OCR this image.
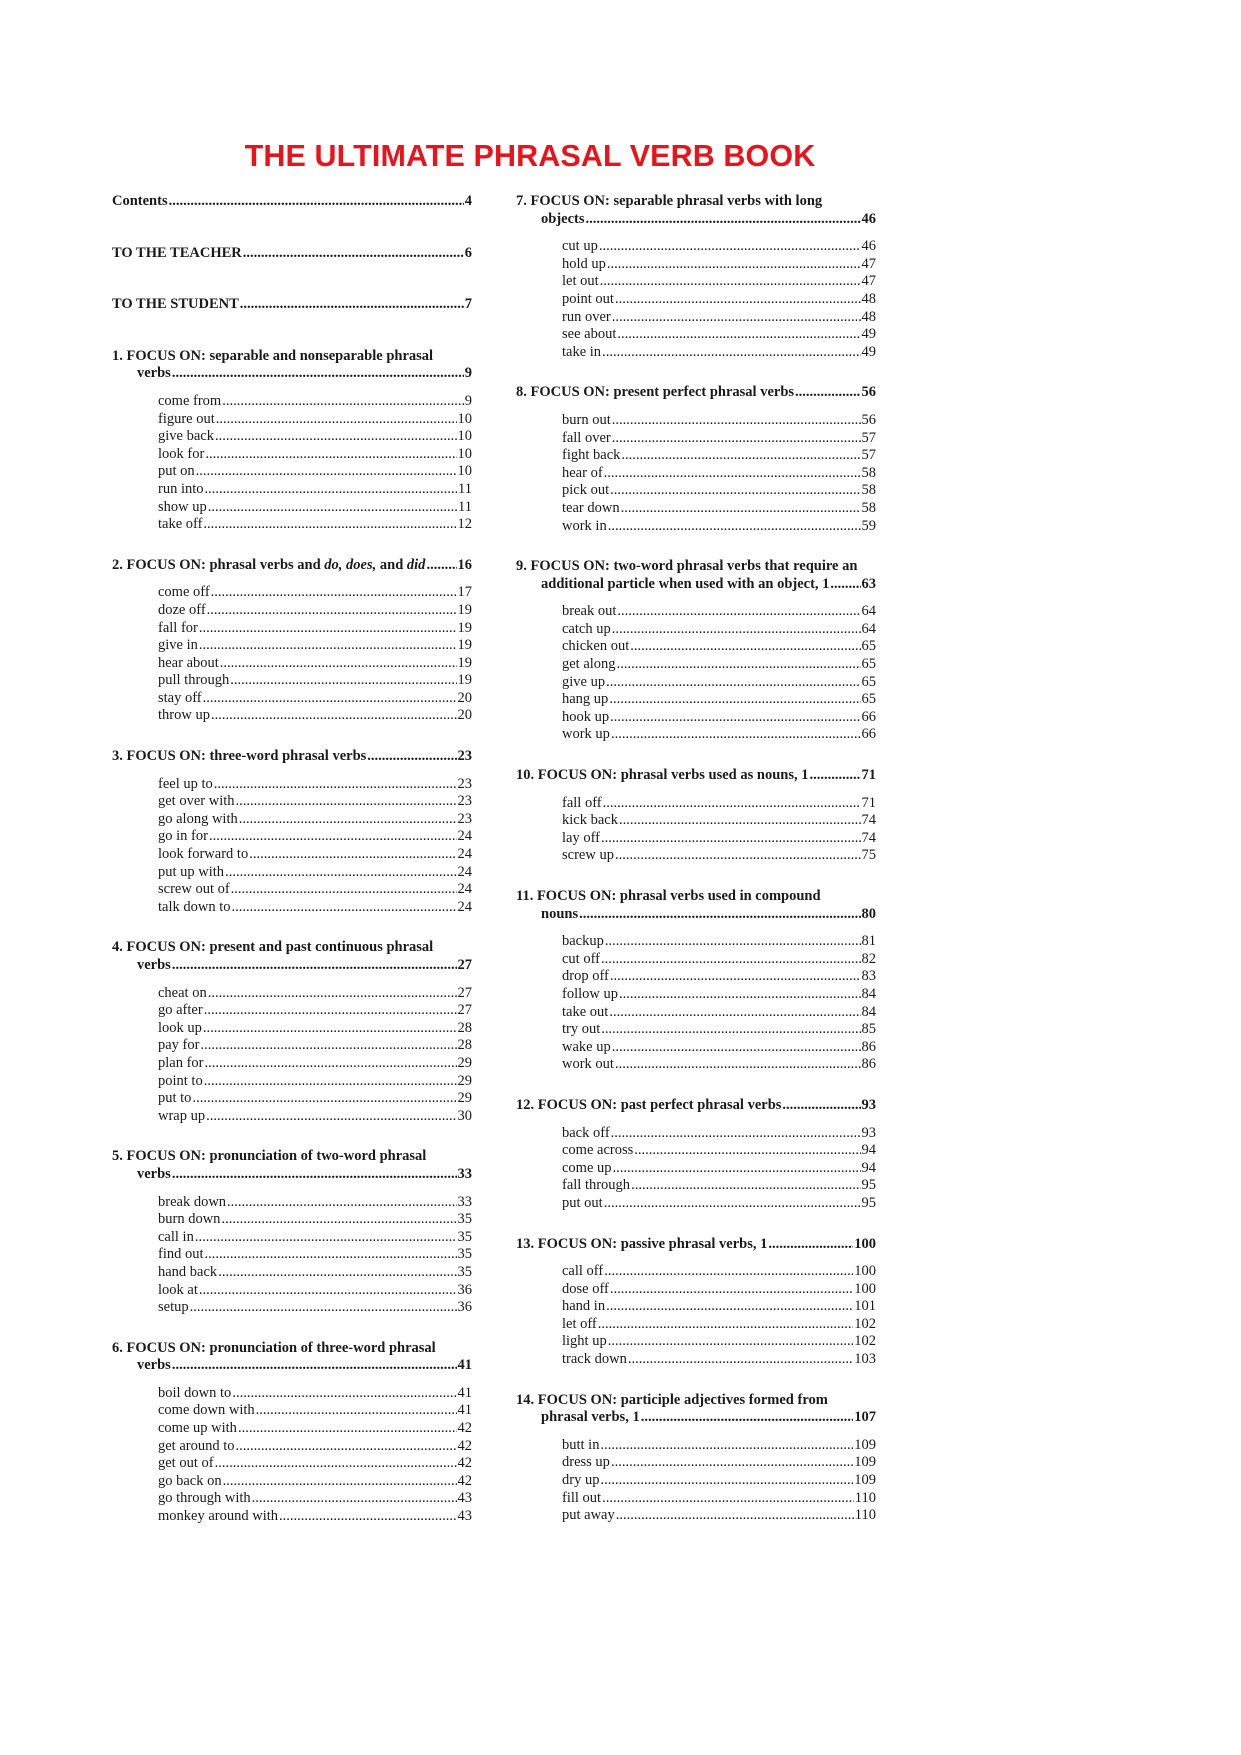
THE ULTIMATE PHRASAL VERB BOOK
Contents .....	4
TO THE TEACHER .....	6
TO THE STUDENT .....	7
1. FOCUS ON: separable and nonseparable phrasal
verbs .....	9
come from .....	9
figure out .....	10
give back .....	10
look for .....	10
put on .....	10
run into .....	11
show up .....	11
take off .....	12
2. FOCUS ON: phrasal verbs and do, does, and did ..... 16
come off .....	17
doze off .....	19
fall for .....	19
give in .....	19
hear about .....	19
pull through .....	19
stay off .....	20
throw up .....	20
3. FOCUS ON: three-word phrasal verbs .....	23
feel up to .....	23
get over with .....	23
go along with .....	23
go in for .....	24
look forward to .....	24
put up with .....	24
screw out of .....	24
talk down to .....	24
4. FOCUS ON: present and past continuous phrasal
verbs .....	27
cheat on .....	27
go after .....	27
look up .....	28
pay for .....	28
plan for .....	29
point to .....	29
put to .....	29
wrap up .....	30
5. FOCUS ON: pronunciation of two-word phrasal
verbs .....	33
break down .....	33
burn down .....	35
call in .....	35
find out .....	35
hand back .....	35
look at .....	36
setup .....	36
6. FOCUS ON: pronunciation of three-word phrasal
verbs .....	41
boil down to .....	41
come down with .....	41
come up with .....	42
get around to .....	42
get out of .....	42
go back on .....	42
go through with .....	43
monkey around with .....	43
7. FOCUS ON: separable phrasal verbs with long
objects .....	46
cut up .....	46
hold up .....	47
let out .....	47
point out .....	48
run over .....	48
see about .....	49
take in .....	49
8. FOCUS ON: present perfect phrasal verbs .....	56
burn out .....	56
fall over .....	57
fight back .....	57
hear of .....	58
pick out .....	58
tear down .....	58
work in .....	59
9. FOCUS ON: two-word phrasal verbs that require an
additional particle when used with an object, 1 ..... 63
break out .....	64
catch up .....	64
chicken out .....	65
get along .....	65
give up .....	65
hang up .....	65
hook up .....	66
work up .....	66
10. FOCUS ON: phrasal verbs used as nouns, 1 .....	71
fall off .....	71
kick back .....	74
lay off .....	74
screw up .....	75
11. FOCUS ON: phrasal verbs used in compound
nouns .....	80
backup .....	81
cut off .....	82
drop off .....	83
follow up .....	84
take out .....	84
try out .....	85
wake up .....	86
work out .....	86
12. FOCUS ON: past perfect phrasal verbs .....	93
back off .....	93
come across .....	94
come up .....	94
fall through .....	95
put out .....	95
13. FOCUS ON: passive phrasal verbs, 1 .....	100
call off .....	100
dose off .....	100
hand in .....	101
let off .....	102
light up .....	102
track down .....	103
14. FOCUS ON: participle adjectives formed from
phrasal verbs, 1 .....	107
butt in .....	109
dress up .....	109
dry up .....	109
fill out .....	110
put away .....	110
